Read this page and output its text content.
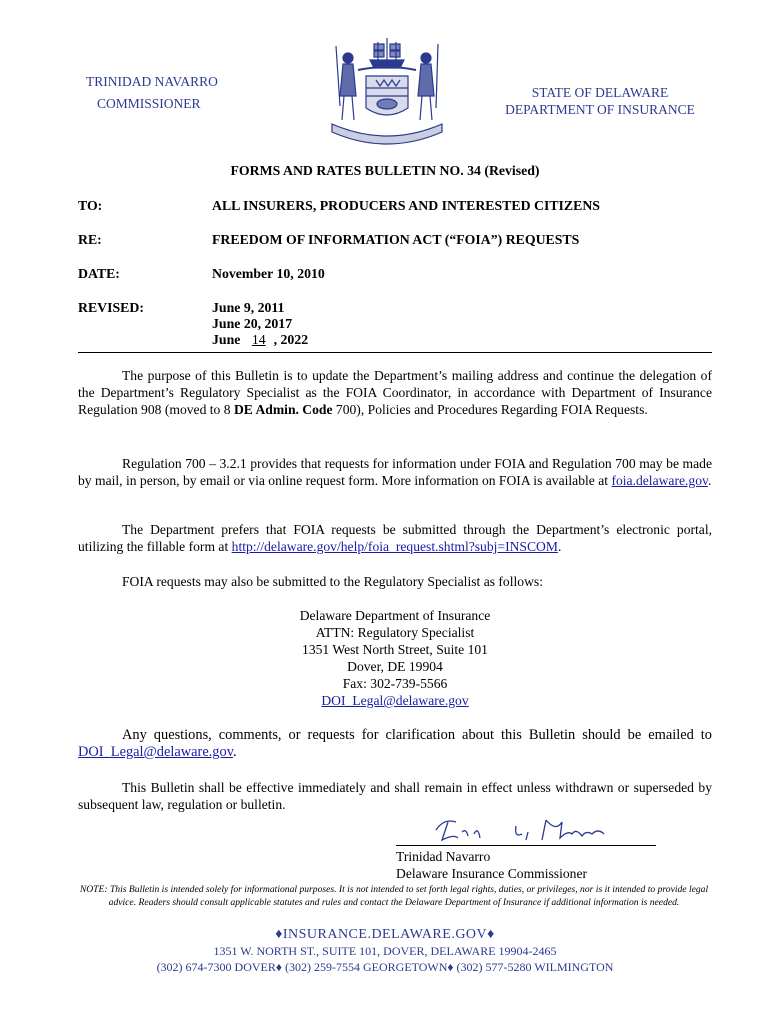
TRINIDAD NAVARRO
COMMISSIONER
STATE OF DELAWARE
DEPARTMENT OF INSURANCE
FORMS AND RATES BULLETIN NO. 34 (Revised)
TO:	ALL INSURERS, PRODUCERS AND INTERESTED CITIZENS
RE:	FREEDOM OF INFORMATION ACT (“FOIA”) REQUESTS
DATE:	November 10, 2010
REVISED:	June 9, 2011
June 20, 2017
June 14 , 2022
The purpose of this Bulletin is to update the Department’s mailing address and continue the delegation of the Department’s Regulatory Specialist as the FOIA Coordinator, in accordance with Department of Insurance Regulation 908 (moved to 8 DE Admin. Code 700), Policies and Procedures Regarding FOIA Requests.
Regulation 700 – 3.2.1 provides that requests for information under FOIA and Regulation 700 may be made by mail, in person, by email or via online request form. More information on FOIA is available at foia.delaware.gov.
The Department prefers that FOIA requests be submitted through the Department’s electronic portal, utilizing the fillable form at http://delaware.gov/help/foia_request.shtml?subj=INSCOM.
FOIA requests may also be submitted to the Regulatory Specialist as follows:
Delaware Department of Insurance
ATTN: Regulatory Specialist
1351 West North Street, Suite 101
Dover, DE 19904
Fax: 302-739-5566
DOI_Legal@delaware.gov
Any questions, comments, or requests for clarification about this Bulletin should be emailed to DOI_Legal@delaware.gov.
This Bulletin shall be effective immediately and shall remain in effect unless withdrawn or superseded by subsequent law, regulation or bulletin.
Trinidad Navarro
Trinidad Navarro
Delaware Insurance Commissioner
NOTE: This Bulletin is intended solely for informational purposes. It is not intended to set forth legal rights, duties, or privileges, nor is it intended to provide legal advice. Readers should consult applicable statutes and rules and contact the Delaware Department of Insurance if additional information is needed.
♦INSURANCE.DELAWARE.GOV♦
1351 W. NORTH ST., SUITE 101, DOVER, DELAWARE 19904-2465
(302) 674-7300 DOVER♦ (302) 259-7554 GEORGETOWN♦ (302) 577-5280 WILMINGTON
